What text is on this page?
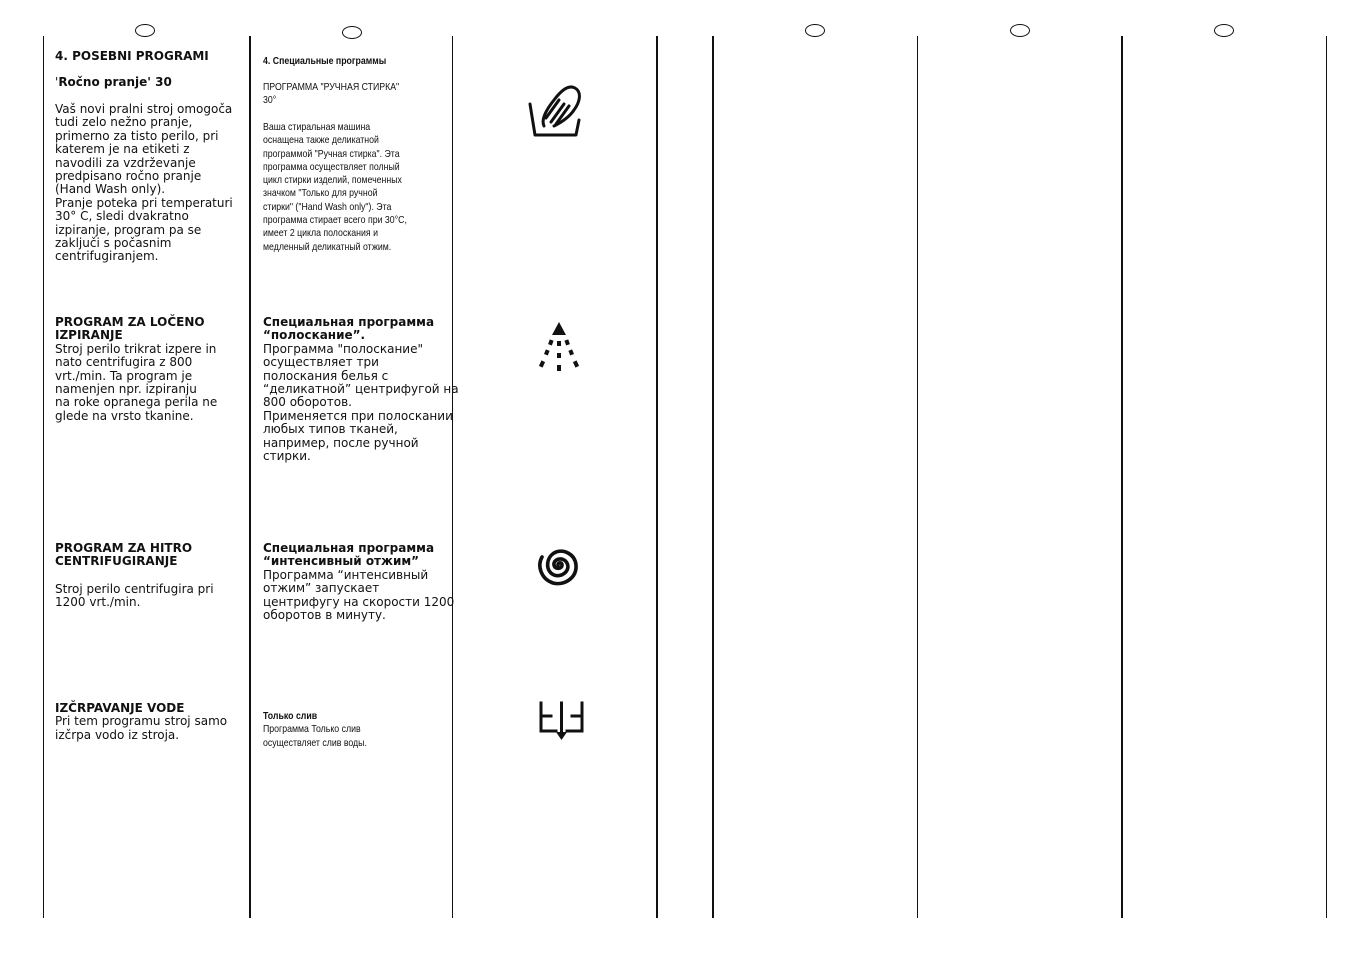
4. POSEBNI PROGRAMI
'Ročno pranje' 30
Vaš novi pralni stroj omogoča
tudi zelo nežno pranje,
primerno za tisto perilo, pri
katerem je na etiketi z
navodili za vzdrževanje
predpisano ročno pranje
(Hand Wash only).
Pranje poteka pri temperaturi
30° C, sledi dvakratno
izpiranje, program pa se
zaključi s počasnim
centrifugiranjem.
PROGRAM ZA LOČENO
IZPIRANJE
Stroj perilo trikrat izpere in
nato centrifugira z 800
vrt./min. Ta program je
namenjen npr. izpiranju
na roke opranega perila ne
glede na vrsto tkanine.
PROGRAM ZA HITRO
CENTRIFUGIRANJE
Stroj perilo centrifugira pri
1200 vrt./min.
IZČRPAVANJE VODE
Pri tem programu stroj samo
izčrpa vodo iz stroja.
4. Специальные программы
ПРОГРАММА "РУЧНАЯ СТИРКА"
30°
Ваша стиральная машина
оснащена также деликатной
программой "Ручная стирка". Эта
программа осуществляет полный
цикл стирки изделий, помеченных
значком "Только для ручной
стирки" ("Hand Wash only"). Эта
программа стирает всего при 30°С,
имеет 2 цикла полоскания и
медленный деликатный отжим.
Специальная программа
“полоскание”.
Программа "полоскание"
осуществляет три
полоскания белья с
“деликатной” центрифугой на
800 оборотов.
Применяется при полоскании
любых типов тканей,
например, после ручной
стирки.
Специальная программа
“интенсивный отжим”
Программа “интенсивный
отжим” запускает
центрифугу на скорости 1200
оборотов в минуту.
Только слив
Программа Только слив
осуществляет слив воды.
